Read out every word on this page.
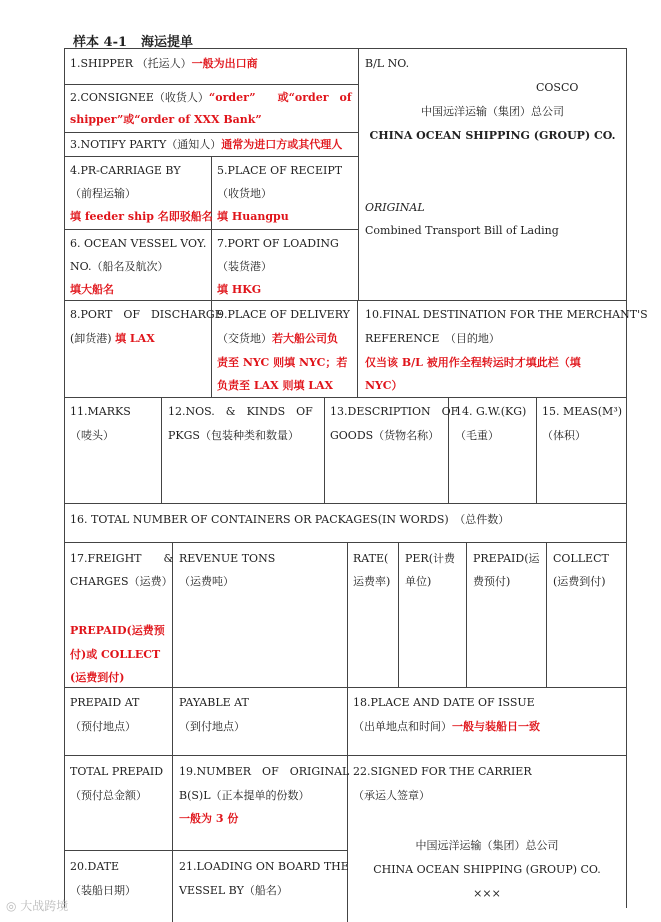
样本 4-1 海运提单
1.SHIPPER （托运人）一般为出口商
2.CONSIGNEE（收货人）“order”　　或“order　of
shipper”或“order of XXX Bank”
3.NOTIFY PARTY（通知人）通常为进口方或其代理人
4.PR-CARRIAGE BY
（前程运输）
填 feeder ship 名即驳船名
5.PLACE OF RECEIPT
（收货地）
填 Huangpu
6. OCEAN VESSEL VOY.
NO.（船名及航次）
填大船名
7.PORT OF LOADING
（装货港）
填 HKG
B/L NO.
COSCO
中国远洋运输（集团）总公司
CHINA OCEAN SHIPPING (GROUP) CO.
ORIGINAL
Combined Transport Bill of Lading
8.PORT　OF　DISCHARGE
(卸货港) 填 LAX
9.PLACE OF DELIVERY
（交货地）若大船公司负
责至 NYC 则填 NYC；若
负责至 LAX 则填 LAX
10.FINAL DESTINATION FOR THE MERCHANT'S
REFERENCE　（目的地）
仅当该 B/L 被用作全程转运时才填此栏（填
NYC）
11.MARKS
（唛头）
12.NOS.　&　KINDS　OF
PKGS（包装种类和数量）
13.DESCRIPTION　OF
GOODS（货物名称）
14. G.W.(KG)
（毛重）
15. MEAS(M³)
（体积）
16. TOTAL NUMBER OF CONTAINERS OR PACKAGES(IN WORDS)　（总件数）
17.FREIGHT　　&
CHARGES（运费）
PREPAID(运费预
付)或 COLLECT
(运费到付)
REVENUE TONS
（运费吨）
RATE(
运费率)
PER(计费
单位)
PREPAID(运
费预付)
COLLECT
(运费到付)
PREPAID AT
（预付地点）
PAYABLE AT
（到付地点）
18.PLACE AND DATE OF ISSUE
（出单地点和时间）一般与装船日一致
TOTAL PREPAID
（预付总金额）
19.NUMBER　OF　ORIGINAL
B(S)L（正本提单的份数）
一般为 3 份
22.SIGNED FOR THE CARRIER
（承运人签章）
中国远洋运输（集团）总公司
CHINA OCEAN SHIPPING (GROUP) CO.
×××
20.DATE
（装船日期）
21.LOADING ON BOARD THE
VESSEL BY（船名）
◎ 大战跨境
